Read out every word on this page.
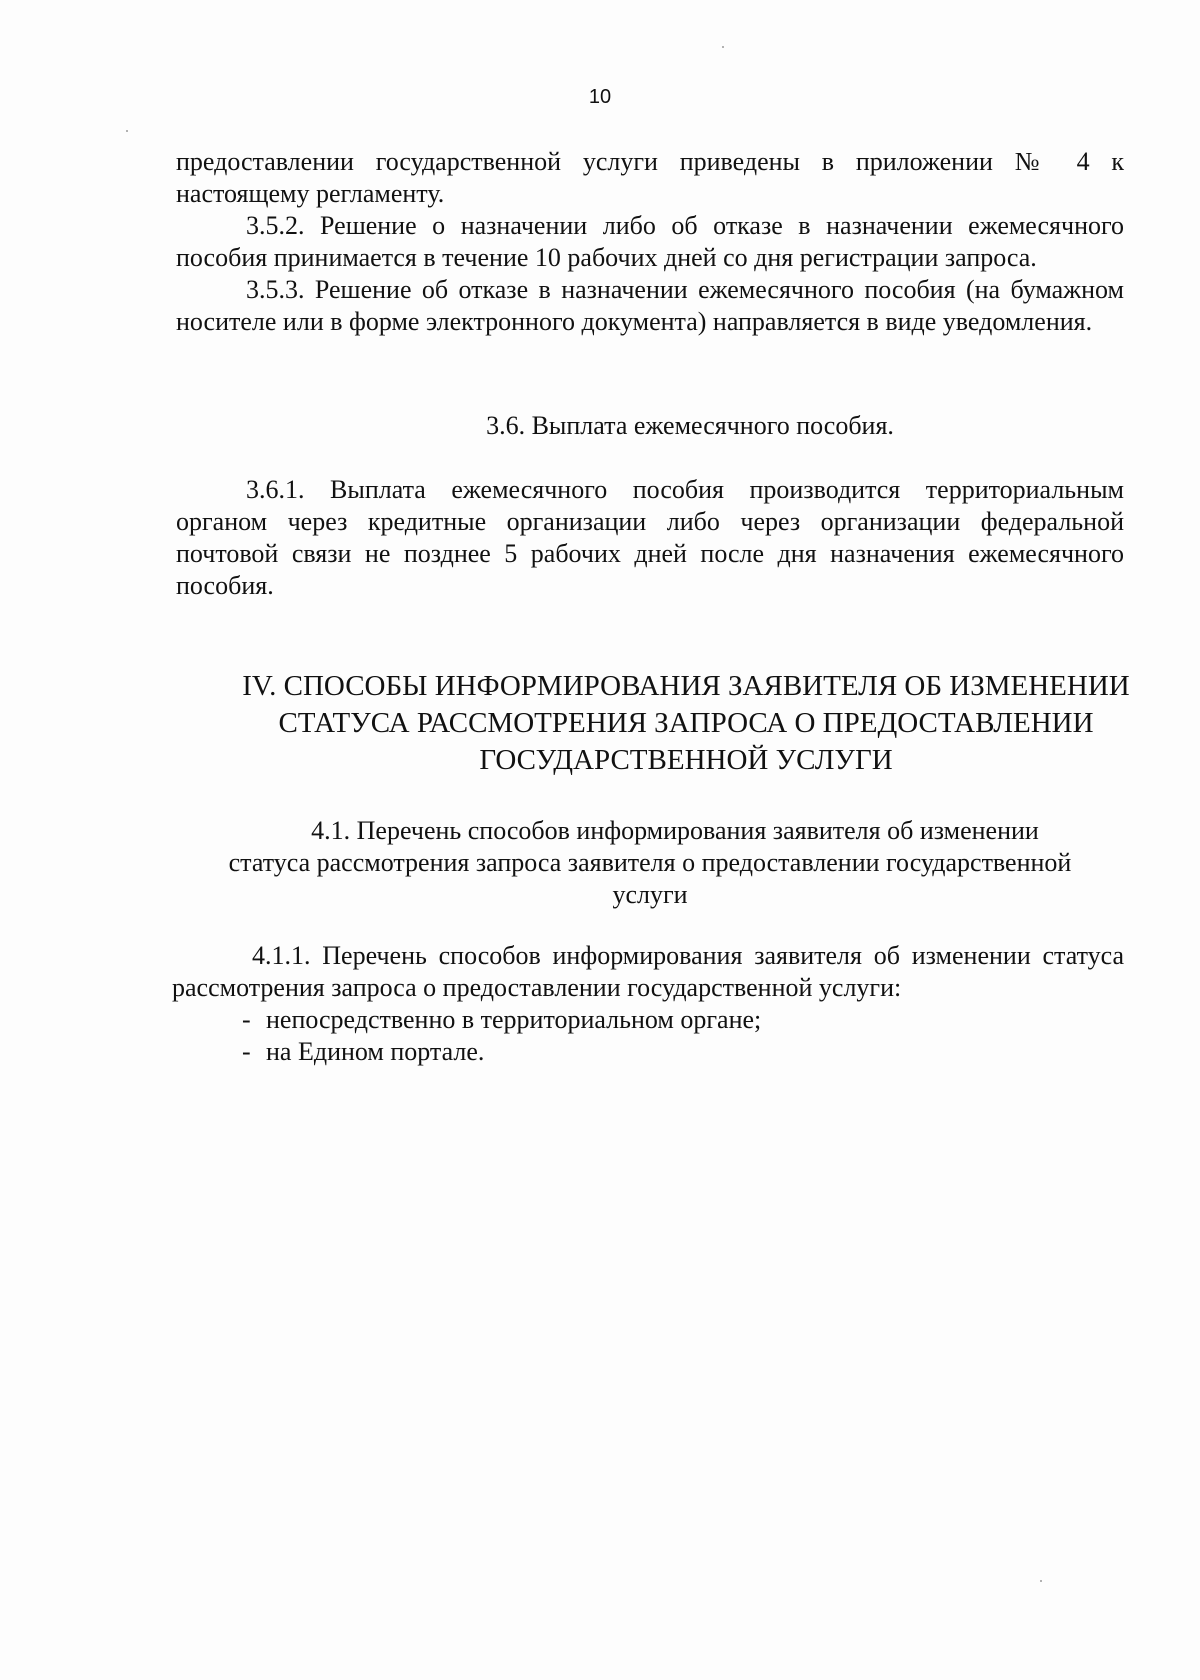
10

предоставлении государственной услуги приведены в приложении № 4 к настоящему регламенту.

3.5.2. Решение о назначении либо об отказе в назначении ежемесячного пособия принимается в течение 10 рабочих дней со дня регистрации запроса.

3.5.3. Решение об отказе в назначении ежемесячного пособия (на бумажном носителе или в форме электронного документа) направляется в виде уведомления.

3.6. Выплата ежемесячного пособия.

3.6.1. Выплата ежемесячного пособия производится территориальным органом через кредитные организации либо через организации федеральной почтовой связи не позднее 5 рабочих дней после дня назначения ежемесячного пособия.

IV. СПОСОБЫ ИНФОРМИРОВАНИЯ ЗАЯВИТЕЛЯ ОБ ИЗМЕНЕНИИ
СТАТУСА РАССМОТРЕНИЯ ЗАПРОСА О ПРЕДОСТАВЛЕНИИ
ГОСУДАРСТВЕННОЙ УСЛУГИ
4.1. Перечень способов информирования заявителя об изменении
статуса рассмотрения запроса заявителя о предоставлении государственной
услуги

4.1.1. Перечень способов информирования заявителя об изменении статуса рассмотрения запроса о предоставлении государственной услуги:

- непосредственно в территориальном органе;
- на Едином портале.
